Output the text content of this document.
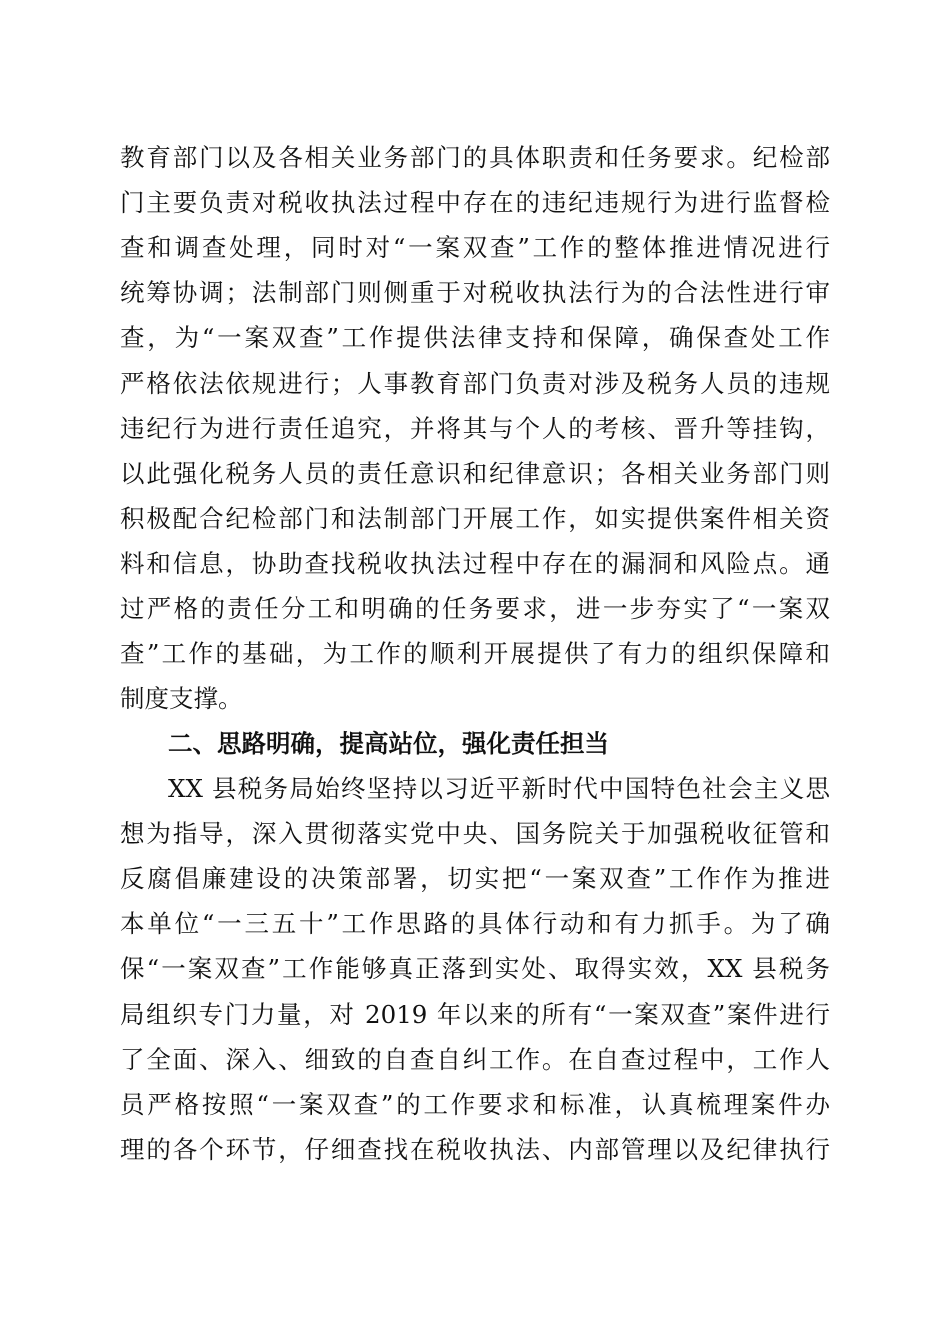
教育部门以及各相关业务部门的具体职责和任务要求。纪检部
门主要负责对税收执法过程中存在的违纪违规行为进行监督检
查和调查处理，同时对“一案双查”工作的整体推进情况进行
统筹协调；法制部门则侧重于对税收执法行为的合法性进行审
查，为“一案双查”工作提供法律支持和保障，确保查处工作
严格依法依规进行；人事教育部门负责对涉及税务人员的违规
违纪行为进行责任追究，并将其与个人的考核、晋升等挂钩，
以此强化税务人员的责任意识和纪律意识；各相关业务部门则
积极配合纪检部门和法制部门开展工作，如实提供案件相关资
料和信息，协助查找税收执法过程中存在的漏洞和风险点。通
过严格的责任分工和明确的任务要求，进一步夯实了“一案双
查”工作的基础，为工作的顺利开展提供了有力的组织保障和
制度支撑。
二、思路明确，提高站位，强化责任担当
XX 县税务局始终坚持以习近平新时代中国特色社会主义思
想为指导，深入贯彻落实党中央、国务院关于加强税收征管和
反腐倡廉建设的决策部署，切实把“一案双查”工作作为推进
本单位“一三五十”工作思路的具体行动和有力抓手。为了确
保“一案双查”工作能够真正落到实处、取得实效，XX 县税务
局组织专门力量，对 2019 年以来的所有“一案双查”案件进行
了全面、深入、细致的自查自纠工作。在自查过程中，工作人
员严格按照“一案双查”的工作要求和标准，认真梳理案件办
理的各个环节，仔细查找在税收执法、内部管理以及纪律执行
